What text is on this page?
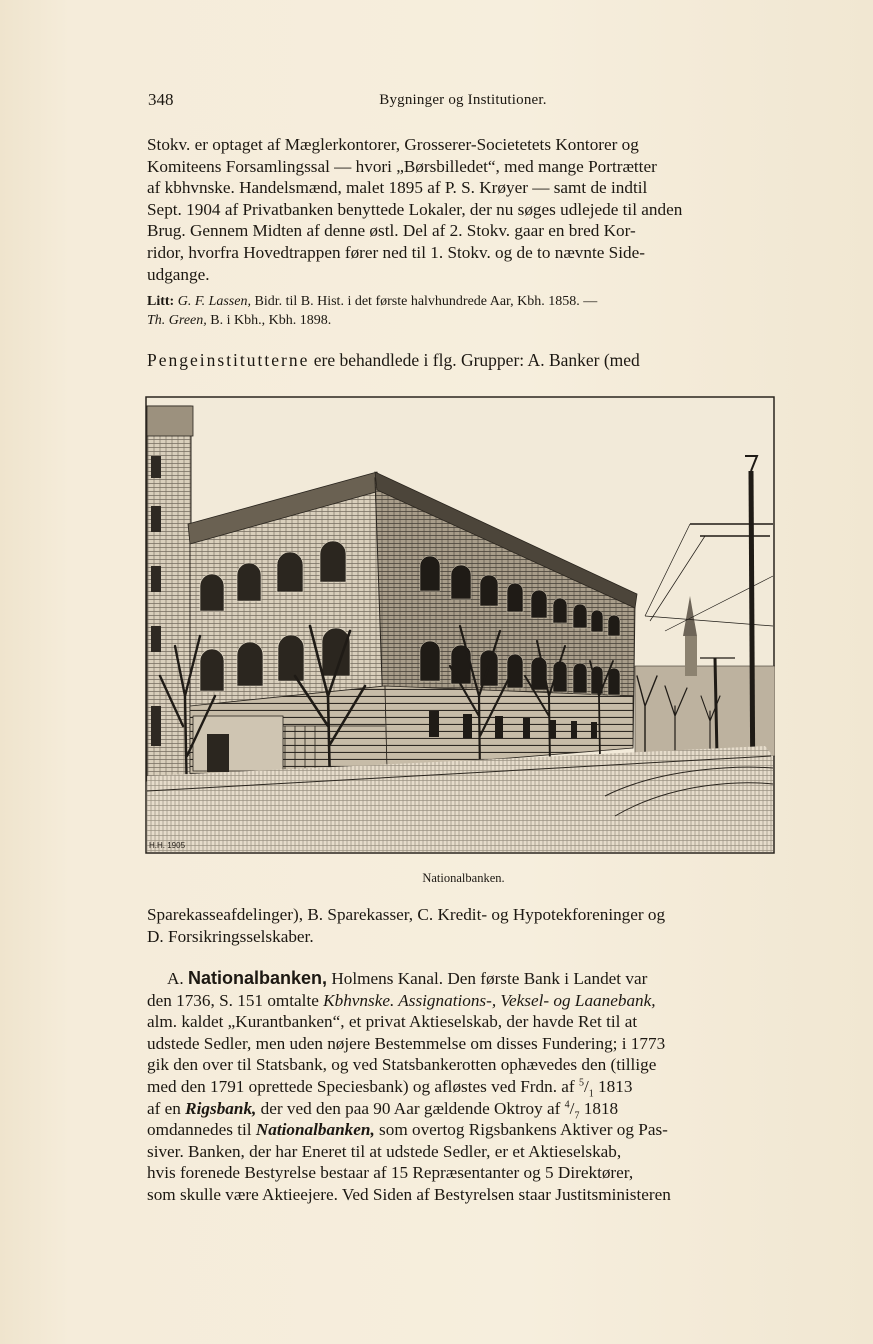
348	Bygninger og Institutioner.

Stokv. er optaget af Mæglerkontorer, Grosserer-Societetets Kontorer og

Komiteens Forsamlingssal — hvori „Børsbilledet“, med mange Portrætter

af kbhvnske. Handelsmænd, malet 1895 af P. S. Krøyer — samt de indtil

Sept. 1904 af Privatbanken benyttede Lokaler, der nu søges udlejede til anden

Brug. Gennem Midten af denne østl. Del af 2. Stokv. gaar en bred Kor-

ridor, hvorfra Hovedtrappen fører ned til 1. Stokv. og de to nævnte Side-

udgange.

Litt: G. F. Lassen, Bidr. til B. Hist. i det første halvhundrede Aar, Kbh. 1858. —
Th. Green, B. i Kbh., Kbh. 1898.

Pengeinstitutterne ere behandlede i flg. Grupper: A. Banker (med

H.H. 1905
Nationalbanken.

Sparekasseafdelinger), B. Sparekasser, C. Kredit- og Hypotekforeninger og

D. Forsikringsselskaber.

A. Nationalbanken, Holmens Kanal. Den første Bank i Landet var

den 1736, S. 151 omtalte Kbhvnske. Assignations-, Veksel- og Laanebank,

alm. kaldet „Kurantbanken“, et privat Aktieselskab, der havde Ret til at

udstede Sedler, men uden nøjere Bestemmelse om disses Fundering; i 1773

gik den over til Statsbank, og ved Statsbankerotten ophævedes den (tillige

med den 1791 oprettede Speciesbank) og afløstes ved Frdn. af $^5/_1$ 1813

af en Rigsbank, der ved den paa 90 Aar gældende Oktroy af $^4/_7$ 1818

omdannedes til Nationalbanken, som overtog Rigsbankens Aktiver og Pas-

siver. Banken, der har Eneret til at udstede Sedler, er et Aktieselskab,

hvis forenede Bestyrelse bestaar af 15 Repræsentanter og 5 Direktører,

som skulle være Aktieejere. Ved Siden af Bestyrelsen staar Justitsministeren
